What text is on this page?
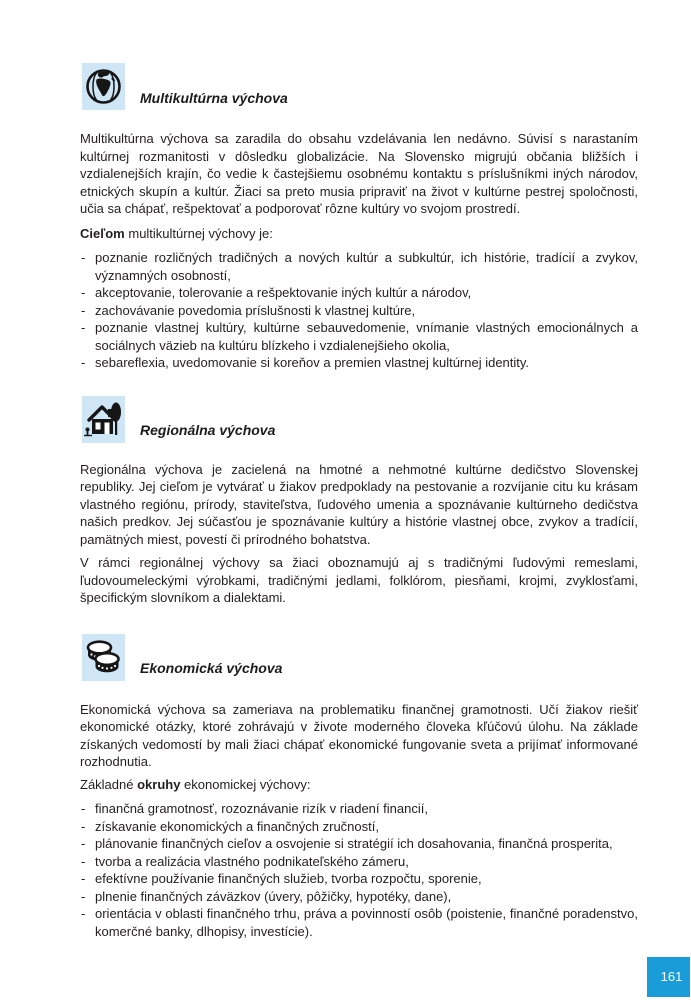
Multikultúrna výchova

Multikultúrna výchova sa zaradila do obsahu vzdelávania len nedávno. Súvisí s narastaním kultúrnej rozmanitosti v dôsledku globalizácie. Na Slovensko migrujú občania bližších i vzdialenejších krajín, čo vedie k častejšiemu osobnému kontaktu s príslušníkmi iných národov, etnických skupín a kultúr. Žiaci sa preto musia pripraviť na život v kultúrne pestrej spoločnosti, učia sa chápať, rešpektovať a podporovať rôzne kultúry vo svojom prostredí.

Cieľom multikultúrnej výchovy je:

- poznanie rozličných tradičných a nových kultúr a subkultúr, ich histórie, tradícií a zvykov, významných osobností,
- akceptovanie, tolerovanie a rešpektovanie iných kultúr a národov,
- zachovávanie povedomia príslušnosti k vlastnej kultúre,
- poznanie vlastnej kultúry, kultúrne sebauvedomenie, vnímanie vlastných emocionálnych a sociálnych väzieb na kultúru blízkeho i vzdialenejšieho okolia,
- sebareflexia, uvedomovanie si koreňov a premien vlastnej kultúrnej identity.
Regionálna výchova

Regionálna výchova je zacielená na hmotné a nehmotné kultúrne dedičstvo Slovenskej republiky. Jej cieľom je vytvárať u žiakov predpoklady na pestovanie a rozvíjanie citu ku krásam vlastného regiónu, prírody, staviteľstva, ľudového umenia a spoznávanie kultúrneho dedičstva našich predkov. Jej súčasťou je spoznávanie kultúry a histórie vlastnej obce, zvykov a tradícií, pamätných miest, povestí či prírodného bohatstva.

V rámci regionálnej výchovy sa žiaci oboznamujú aj s tradičnými ľudovými remeslami, ľudovoumeleckými výrobkami, tradičnými jedlami, folklórom, piesňami, krojmi, zvyklosťami, špecifickým slovníkom a dialektami.

Ekonomická výchova

Ekonomická výchova sa zameriava na problematiku finančnej gramotnosti. Učí žiakov riešiť ekonomické otázky, ktoré zohrávajú v živote moderného človeka kľúčovú úlohu. Na základe získaných vedomostí by mali žiaci chápať ekonomické fungovanie sveta a prijímať informované rozhodnutia.

Základné okruhy ekonomickej výchovy:

- finančná gramotnosť, rozoznávanie rizík v riadení financií,
- získavanie ekonomických a finančných zručností,
- plánovanie finančných cieľov a osvojenie si stratégií ich dosahovania, finančná prosperita,
- tvorba a realizácia vlastného podnikateľského zámeru,
- efektívne používanie finančných služieb, tvorba rozpočtu, sporenie,
- plnenie finančných záväzkov (úvery, pôžičky, hypotéky, dane),
- orientácia v oblasti finančného trhu, práva a povinností osôb (poistenie, finančné poradenstvo, komerčné banky, dlhopisy, investície).
161
